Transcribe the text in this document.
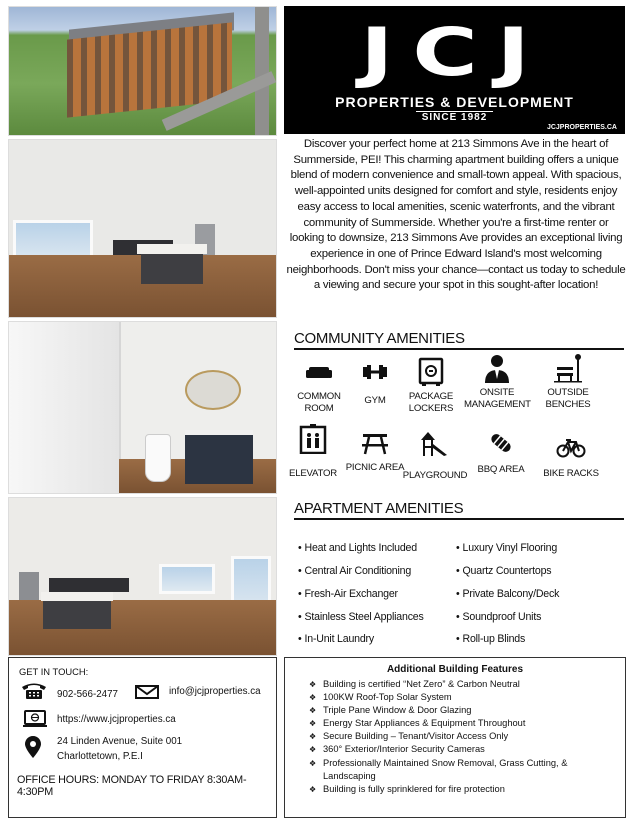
JCJ
PROPERTIES & DEVELOPMENT
SINCE 1982
JCJPROPERTIES.CA
Discover your perfect home at 213 Simmons Ave in the heart of Summerside, PEI! This charming apartment building offers a unique blend of modern convenience and small-town appeal. With spacious, well-appointed units designed for comfort and style, residents enjoy easy access to local amenities, scenic waterfronts, and the vibrant community of Summerside. Whether you're a first-time renter or looking to downsize, 213 Simmons Ave provides an exceptional living experience in one of Prince Edward Island's most welcoming neighborhoods. Don't miss your chance—contact us today to schedule a viewing and secure your spot in this sought-after location!
COMMUNITY AMENITIES
COMMON ROOM
GYM	PACKAGE LOCKERS
ONSITE MANAGEMENT
OUTSIDE BENCHES
ELEVATOR
PICNIC AREA
PLAYGROUND
BBQ AREA	BIKE RACKS
APARTMENT AMENITIES
• Heat and Lights Included
• Central Air Conditioning
• Fresh-Air Exchanger
• Stainless Steel Appliances
• In-Unit Laundry
• Luxury Vinyl Flooring
• Quartz Countertops
• Private Balcony/Deck
• Soundproof Units
• Roll-up Blinds
GET IN TOUCH:
902-566-2477	info@jcjproperties.ca
https://www.jcjproperties.ca
24 Linden Avenue, Suite 001
Charlottetown, P.E.I
OFFICE HOURS: MONDAY TO FRIDAY 8:30AM-4:30PM
Additional Building Features
❖ Building is certified “Net Zero” & Carbon Neutral
❖ 100KW Roof-Top Solar System
❖ Triple Pane Window & Door Glazing
❖ Energy Star Appliances & Equipment Throughout
❖ Secure Building – Tenant/Visitor Access Only
❖ 360° Exterior/Interior Security Cameras
❖ Professionally Maintained Snow Removal, Grass Cutting, & Landscaping
❖ Building is fully sprinklered for fire protection
